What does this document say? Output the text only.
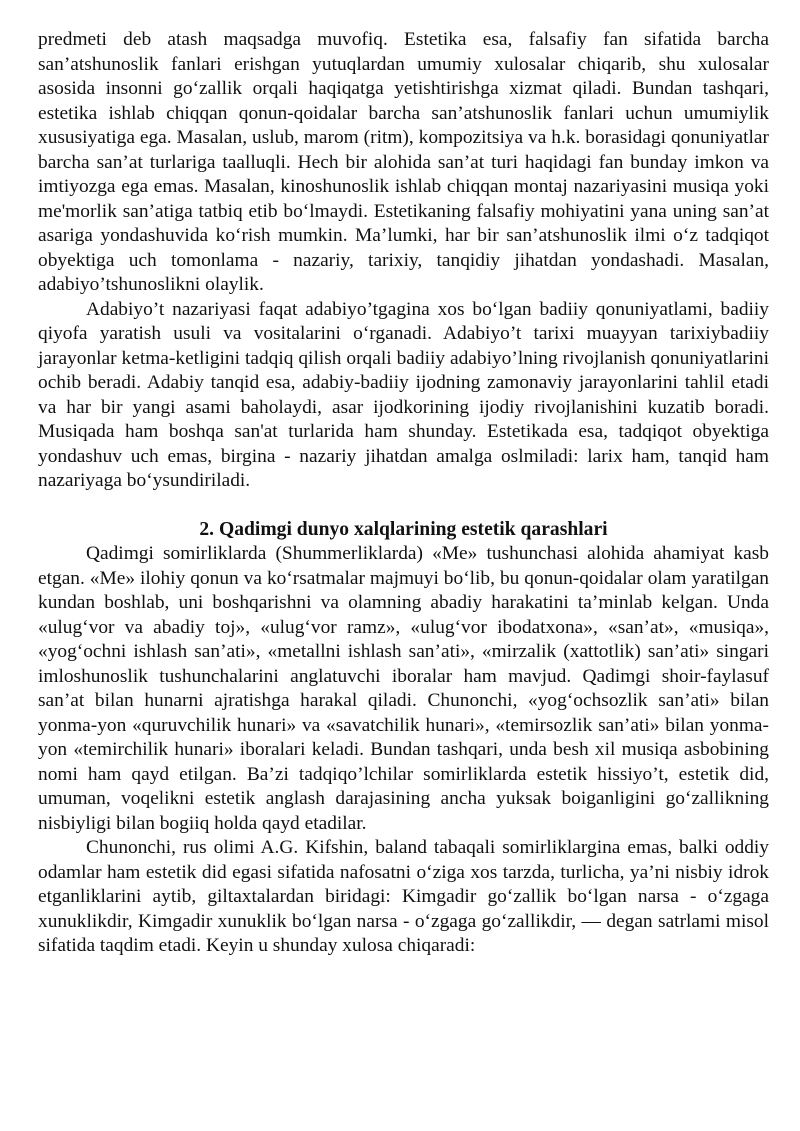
predmeti deb atash maqsadga muvofiq. Estetika esa, falsafiy fan sifatida barcha san’atshunoslik fanlari erishgan yutuqlardan umumiy xulosalar chiqarib, shu xulosalar asosida insonni go‘zallik orqali haqiqatga yetishtirishga xizmat qiladi. Bundan tashqari, estetika ishlab chiqqan qonun-qoidalar barcha san’atshunoslik fanlari uchun umumiylik xususiyatiga ega. Masalan, uslub, marom (ritm), kompozitsiya va h.k. borasidagi qonuniyatlar barcha san’at turlariga taalluqli. Hech bir alohida san’at turi haqidagi fan bunday imkon va imtiyozga ega emas. Masalan, kinoshunoslik ishlab chiqqan montaj nazariyasini musiqa yoki me'morlik san’atiga tatbiq etib bo‘lmaydi. Estetikaning falsafiy mohiyatini yana uning san’at asariga yondashuvida ko‘rish mumkin. Ma’lumki, har bir san’atshunoslik ilmi o‘z tadqiqot obyektiga uch tomonlama - nazariy, tarixiy, tanqidiy jihatdan yondashadi. Masalan, adabiyo’tshunoslikni olaylik.

Adabiyo’t nazariyasi faqat adabiyo’tgagina xos bo‘lgan badiiy qonuniyatlami, badiiy qiyofa yaratish usuli va vositalarini o‘rganadi. Adabiyo’t tarixi muayyan tarixiybadiiy jarayonlar ketma-ketligini tadqiq qilish orqali badiiy adabiyo’lning rivojlanish qonuniyatlarini ochib beradi. Adabiy tanqid esa, adabiy-badiiy ijodning zamonaviy jarayonlarini tahlil etadi va har bir yangi asami baholaydi, asar ijodkorining ijodiy rivojlanishini kuzatib boradi. Musiqada ham boshqa san'at turlarida ham shunday. Estetikada esa, tadqiqot obyektiga yondashuv uch emas, birgina - nazariy jihatdan amalga oslmiladi: larix ham, tanqid ham nazariyaga bo‘ysundiriladi.

2. Qadimgi dunyo xalqlarining estetik qarashlari

Qadimgi somirliklarda (Shummerliklarda) «Me» tushunchasi alohida ahamiyat kasb etgan. «Me» ilohiy qonun va ko‘rsatmalar majmuyi bo‘lib, bu qonun-qoidalar olam yaratilgan kundan boshlab, uni boshqarishni va olamning abadiy harakatini ta’minlab kelgan. Unda «ulug‘vor va abadiy toj», «ulug‘vor ramz», «ulug‘vor ibodatxona», «san’at», «musiqa», «yog‘ochni ishlash san’ati», «metallni ishlash san’ati», «mirzalik (xattotlik) san’ati» singari imloshunoslik tushunchalarini anglatuvchi iboralar ham mavjud. Qadimgi shoir-faylasuf san’at bilan hunarni ajratishga harakal qiladi. Chunonchi, «yog‘ochsozlik san’ati» bilan yonma-yon «quruvchilik hunari» va «savatchilik hunari», «temirsozlik san’ati» bilan yonma-yon «temirchilik hunari» iboralari keladi. Bundan tashqari, unda besh xil musiqa asbobining nomi ham qayd etilgan. Ba’zi tadqiqo’lchilar somirliklarda estetik hissiyo’t, estetik did, umuman, voqelikni estetik anglash darajasining ancha yuksak boiganligini go‘zallikning nisbiyligi bilan bogiiq holda qayd etadilar.

Chunonchi, rus olimi A.G. Kifshin, baland tabaqali somirliklargina emas, balki oddiy odamlar ham estetik did egasi sifatida nafosatni o‘ziga xos tarzda, turlicha, ya’ni nisbiy idrok etganliklarini aytib, giltaxtalardan biridagi: Kimgadir go‘zallik bo‘lgan narsa - o‘zgaga xunuklikdir, Kimgadir xunuklik bo‘lgan narsa - o‘zgaga go‘zallikdir, — degan satrlami misol sifatida taqdim etadi. Keyin u shunday xulosa chiqaradi:
